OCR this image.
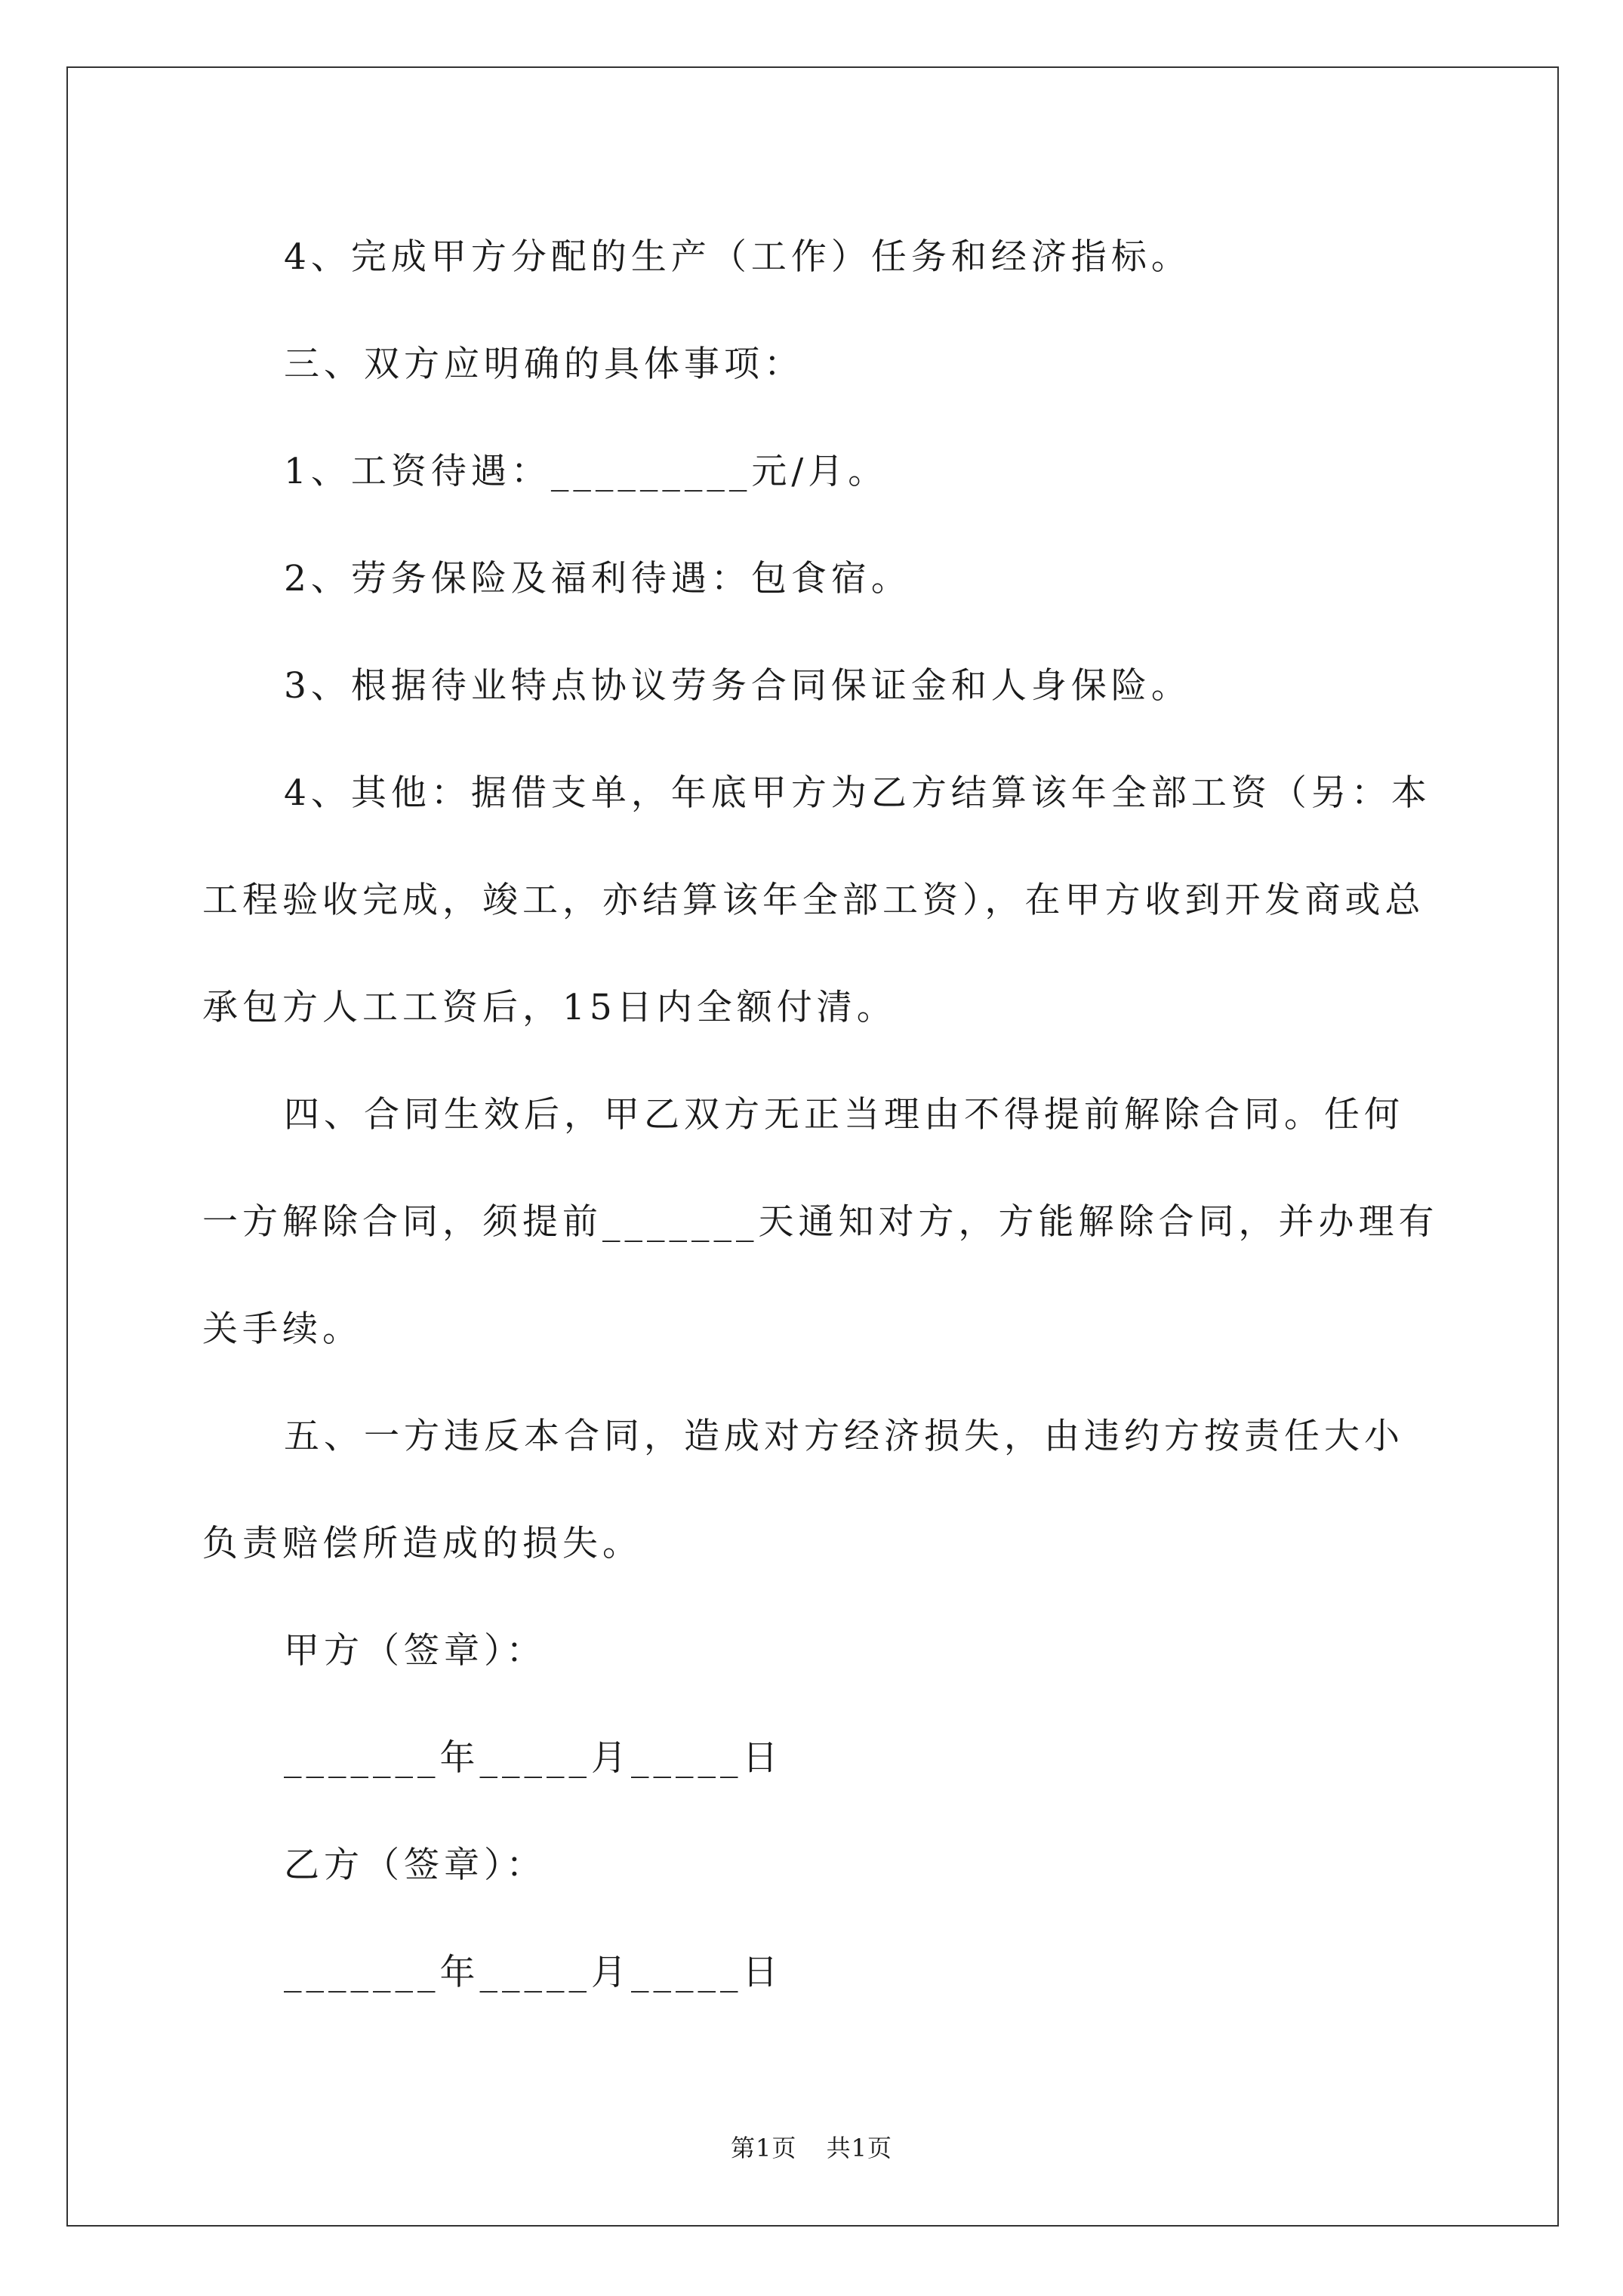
4、完成甲方分配的生产（工作）任务和经济指标。

三、双方应明确的具体事项：

1、工资待遇：_________元/月。

2、劳务保险及福利待遇：包食宿。

3、根据待业特点协议劳务合同保证金和人身保险。

4、其他：据借支单，年底甲方为乙方结算该年全部工资（另：本工程验收完成，竣工，亦结算该年全部工资），在甲方收到开发商或总承包方人工工资后，15日内全额付清。

四、合同生效后，甲乙双方无正当理由不得提前解除合同。任何一方解除合同，须提前_______天通知对方，方能解除合同，并办理有关手续。

五、一方违反本合同，造成对方经济损失，由违约方按责任大小负责赔偿所造成的损失。

甲方（签章）：

_______年_____月_____日

乙方（签章）：

_______年_____月_____日

第1页 共1页
